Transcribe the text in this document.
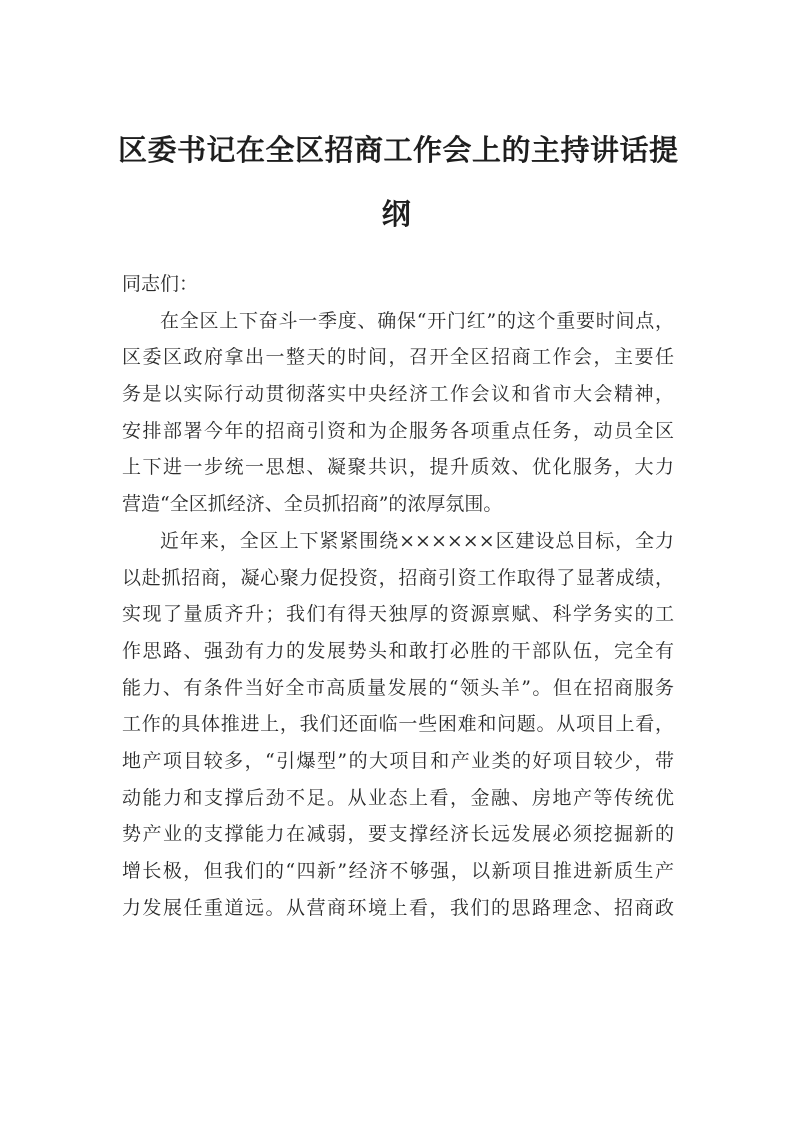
区委书记在全区招商工作会上的主持讲话提
纲
同志们：
在全区上下奋斗一季度、确保“开门红”的这个重要时间点，
区委区政府拿出一整天的时间，召开全区招商工作会，主要任
务是以实际行动贯彻落实中央经济工作会议和省市大会精神，
安排部署今年的招商引资和为企服务各项重点任务，动员全区
上下进一步统一思想、凝聚共识，提升质效、优化服务，大力
营造“全区抓经济、全员抓招商”的浓厚氛围。
近年来，全区上下紧紧围绕××××××区建设总目标，全力
以赴抓招商，凝心聚力促投资，招商引资工作取得了显著成绩，
实现了量质齐升；我们有得天独厚的资源禀赋、科学务实的工
作思路、强劲有力的发展势头和敢打必胜的干部队伍，完全有
能力、有条件当好全市高质量发展的“领头羊”。但在招商服务
工作的具体推进上，我们还面临一些困难和问题。从项目上看，
地产项目较多，“引爆型”的大项目和产业类的好项目较少，带
动能力和支撑后劲不足。从业态上看，金融、房地产等传统优
势产业的支撑能力在减弱，要支撑经济长远发展必须挖掘新的
增长极，但我们的“四新”经济不够强，以新项目推进新质生产
力发展任重道远。从营商环境上看，我们的思路理念、招商政
